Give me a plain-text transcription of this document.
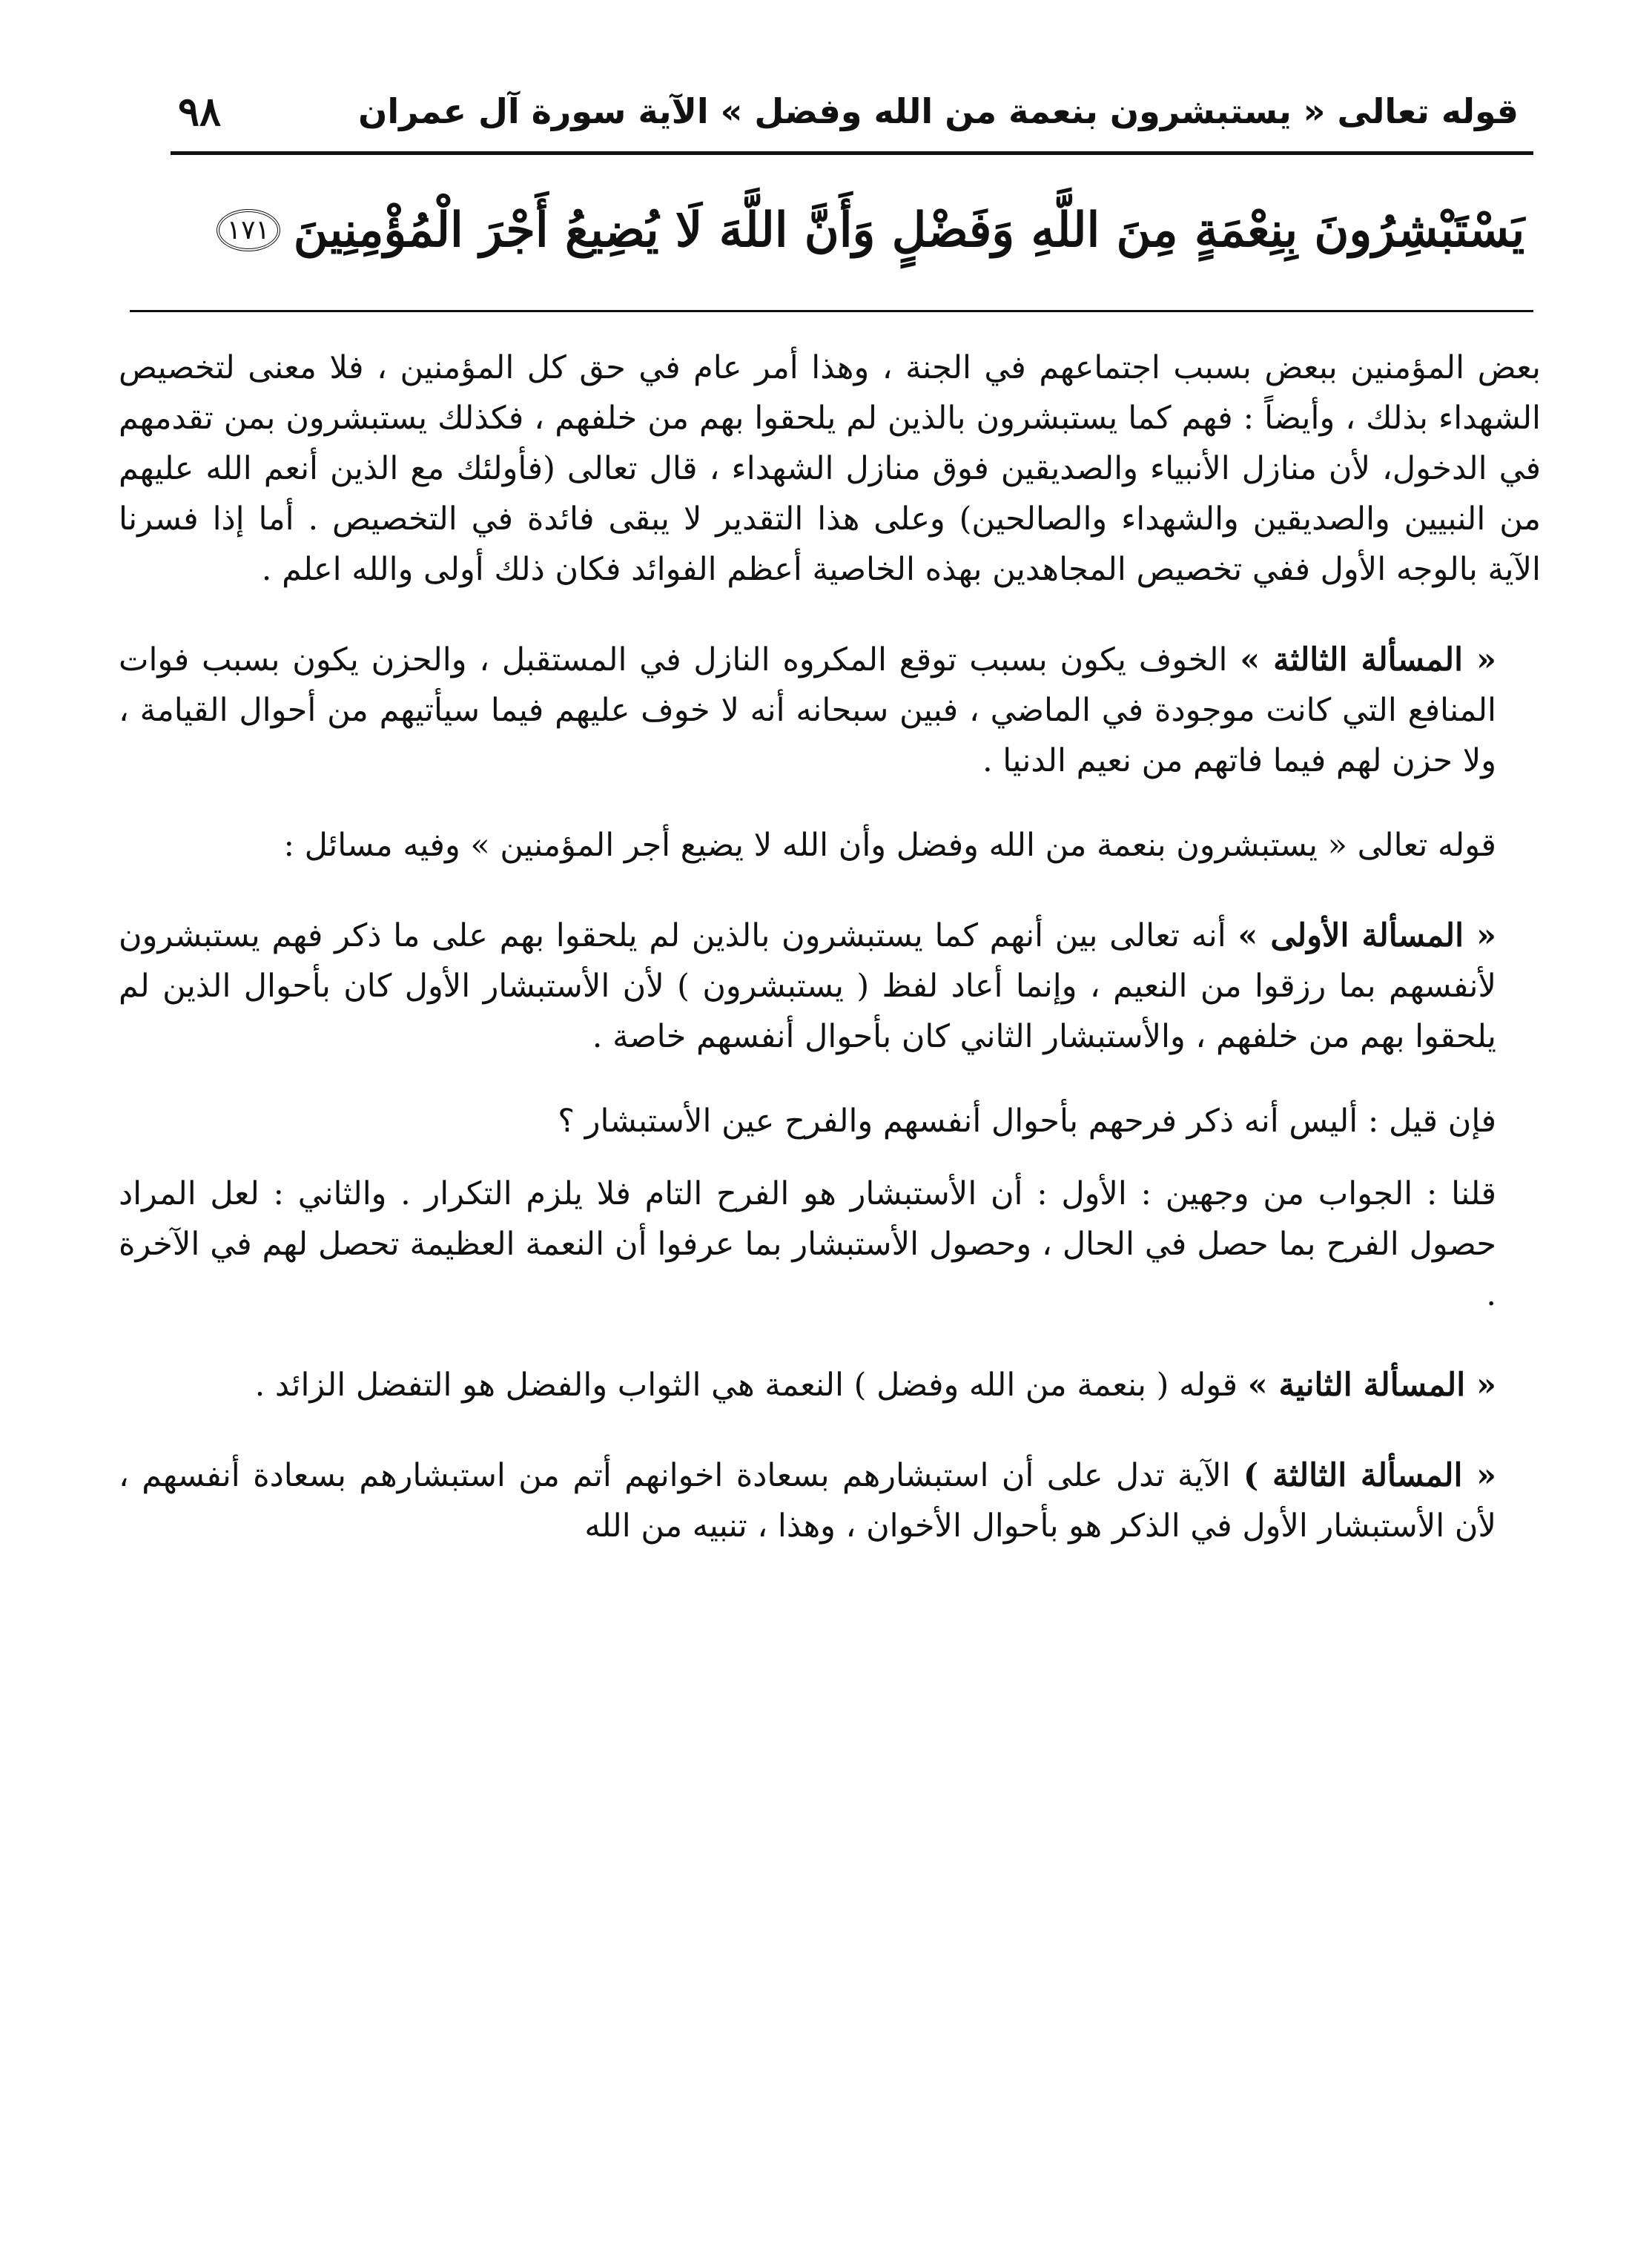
قوله تعالى « يستبشرون بنعمة من الله وفضل » الآية سورة آل عمران
٩٨
يَسْتَبْشِرُونَ بِنِعْمَةٍ مِنَ اللَّهِ وَفَضْلٍ وَأَنَّ اللَّهَ لَا يُضِيعُ أَجْرَ الْمُؤْمِنِينَ
١٧١

بعض المؤمنين ببعض بسبب اجتماعهم في الجنة ، وهذا أمر عام في حق كل المؤمنين ، فلا معنى لتخصيص الشهداء بذلك ، وأيضاً : فهم كما يستبشرون بالذين لم يلحقوا بهم من خلفهم ، فكذلك يستبشرون بمن تقدمهم في الدخول، لأن منازل الأنبياء والصديقين فوق منازل الشهداء ، قال تعالى (فأولئك مع الذين أنعم الله عليهم من النبيين والصديقين والشهداء والصالحين) وعلى هذا التقدير لا يبقى فائدة في التخصيص . أما إذا فسرنا الآية بالوجه الأول ففي تخصيص المجاهدين بهذه الخاصية أعظم الفوائد فكان ذلك أولى والله اعلم .

« المسألة الثالثة » الخوف يكون بسبب توقع المكروه النازل في المستقبل ، والحزن يكون بسبب فوات المنافع التي كانت موجودة في الماضي ، فبين سبحانه أنه لا خوف عليهم فيما سيأتيهم من أحوال القيامة ، ولا حزن لهم فيما فاتهم من نعيم الدنيا .

قوله تعالى « يستبشرون بنعمة من الله وفضل وأن الله لا يضيع أجر المؤمنين » وفيه مسائل :

« المسألة الأولى » أنه تعالى بين أنهم كما يستبشرون بالذين لم يلحقوا بهم على ما ذكر فهم يستبشرون لأنفسهم بما رزقوا من النعيم ، وإنما أعاد لفظ ( يستبشرون ) لأن الأستبشار الأول كان بأحوال الذين لم يلحقوا بهم من خلفهم ، والأستبشار الثاني كان بأحوال أنفسهم خاصة .

فإن قيل : أليس أنه ذكر فرحهم بأحوال أنفسهم والفرح عين الأستبشار ؟

قلنا : الجواب من وجهين : الأول : أن الأستبشار هو الفرح التام فلا يلزم التكرار . والثاني : لعل المراد حصول الفرح بما حصل في الحال ، وحصول الأستبشار بما عرفوا أن النعمة العظيمة تحصل لهم في الآخرة .

« المسألة الثانية » قوله ( بنعمة من الله وفضل ) النعمة هي الثواب والفضل هو التفضل الزائد .

« المسألة الثالثة ) الآية تدل على أن استبشارهم بسعادة اخوانهم أتم من استبشارهم بسعادة أنفسهم ، لأن الأستبشار الأول في الذكر هو بأحوال الأخوان ، وهذا ، تنبيه من الله
